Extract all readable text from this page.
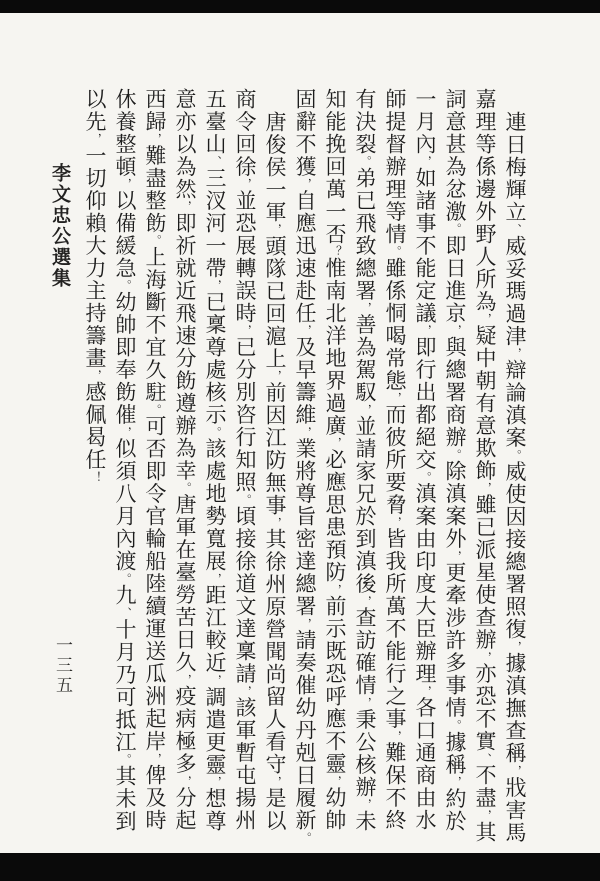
連日梅輝立、威妥瑪過津，辯論滇案。威使因接總署照復，據滇撫查稱，戕害馬嘉理等係邊外野人所為，疑中朝有意欺飾，雖已派星使查辦，亦恐不實、不盡，其詞意甚為忿激。即日進京，與總署商辦。除滇案外，更牽涉許多事情。據稱，約於一月內，如諸事不能定議，即行出都絕交。滇案由印度大臣辦理，各口通商由水師提督辦理等情。雖係恫喝常態，而彼所要脅，皆我所萬不能行之事，難保不終有決裂。弟已飛致總署，善為駕馭，並請家兄於到滇後，查訪確情，秉公核辦，未知能挽回萬一否？惟南北洋地界過廣，必應思患預防，前示既恐呼應不靈，幼帥固辭不獲，自應迅速赴任，及早籌維，業將尊旨密達總署，請奏催幼丹剋日履新。

唐俊侯一軍，頭隊已回滬上，前因江防無事，其徐州原營聞尚留人看守，是以商令回徐，並恐展轉誤時，已分別咨行知照。頃接徐道文達稟請，該軍暫屯揚州五臺山、三汊河一帶，已稟尊處核示。該處地勢寬展，距江較近，調遣更靈，想尊意亦以為然，即祈就近飛速分飭遵辦為幸。唐軍在臺勞苦日久，疫病極多，分起西歸，難盡整飭。上海斷不宜久駐。可否即令官輪船陸續運送瓜洲起岸，俾及時休養整頓，以備緩急。幼帥即奉飭催，似須八月內渡。九、十月乃可抵江。其未到以先，一切仰賴大力主持籌畫，感佩曷任！

李文忠公選集
一三五
